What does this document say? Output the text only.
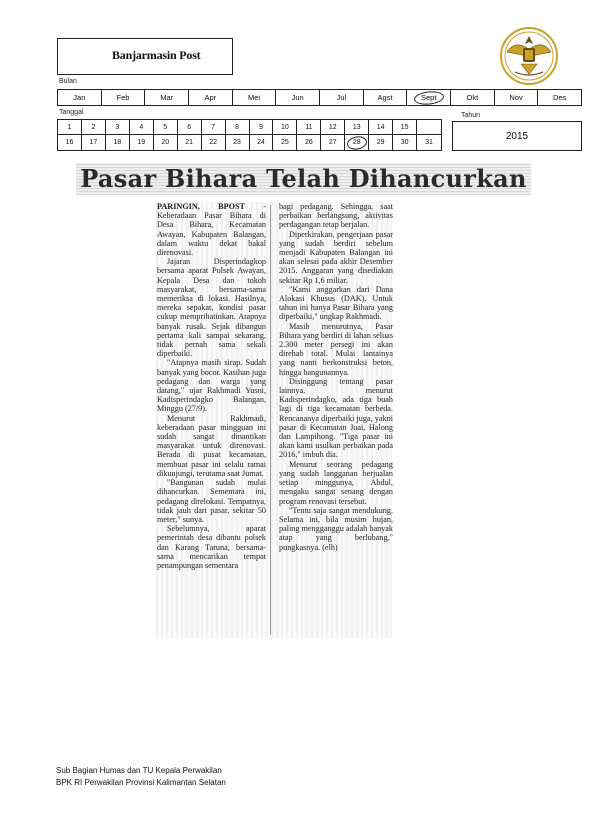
Banjarmasin Post
Bulan
Jan	Feb	Mar	Apr	Mei	Jun	Jul	Agst	Sept	Okt	Nov	Des
Tanggal
1	2	3	4	5	6	7	8	9	10 11 12 13 14 15
16 17 18 19 20 21 22 23 24 25 26 27 28 29 30 31
Tahun
2015
Pasar Bihara Telah Dihancurkan

PARINGIN, BPOST - Keberadaan Pasar Bihara di Desa Bihara, Kecamatan Awayan, Kabupaten Balangan, dalam waktu dekat bakal direnovasi.

Jajaran Disperindagkop bersama aparat Polsek Awayan, Kepala Desa dan tokoh masyarakat, bersama-sama memeriksa di lokasi. Hasilnya, mereka sepakat, kondisi pasar cukup memprihatinkan. Atapnya banyak rusak. Sejak dibangun pertama kali sampai sekarang, tidak pernah sama sekali diperbaiki.

"Atapnya masih sirap. Sudah banyak yang bocor. Kasihan juga pedagang dan warga yang datang," ujar Rakhmadi Yusni, Kadisperindagko Balangan, Minggu (27/9).

Menurut Rakhmadi, keberadaan pasar mingguan ini sudah sangat dinantikan masyarakat untuk direnovasi. Berada di pusat kecamatan, membuat pasar ini selalu ramai dikunjungi, terutama saat Jumat.

"Bangunan sudah mulai dihancurkan. Sementara ini, pedagang direlokasi. Tempatnya, tidak jauh dari pasar, sekitar 50 meter," sunya.

Sebelumnya, aparat pemerintah desa dibantu polsek dan Karang Taruna, bersama-sama mencarikan tempat penampungan sementara

bagi pedagang. Sehingga, saat perbaikan berlangsung, aktivitas perdagangan tetap berjalan.

Diperkirakan, pengerjaan pasar yang sudah berdiri sebelum menjadi Kabupaten Balangan ini akan selesai pada akhir Desember 2015. Anggaran yang disediakan sekitar Rp 1,6 miliar.

"Kami anggarkan dari Dana Alokasi Khusus (DAK). Untuk tahun ini hanya Pasar Bihara yang diperbaiki," ungkap Rakhmadi.

Masih menurutnya, Pasar Bihara yang berdiri di lahan seluas 2.300 meter persegi ini akan direhab total. Mulai lantainya yang nanti berkonstruksi beton, hingga bangunannya.

Disinggung tentang pasar lainnya, menurut Kadisperindagko, ada tiga buah lagi di tiga kecamatan berbeda. Rencananya diperbaiki juga, yakni pasar di Kecamatan Juai, Halong dan Lampihong. "Tiga pasar ini akan kami usulkan perbaikan pada 2016," imbuh dia.

Menurut seorang pedagang yang sudah langganan berjualan setiap minggunya, Abdul, mengaku sangat senang dengan program renovasi tersebut.

"Tentu saja sangat mendukung. Selama ini, bila musim hujan, paling mengganggu adalah banyak atap yang berlubang," pungkasnya. (elh)

Sub Bagian Humas dan TU Kepala Perwakilan
BPK RI Perwakilan Provinsi Kalimantan Selatan
